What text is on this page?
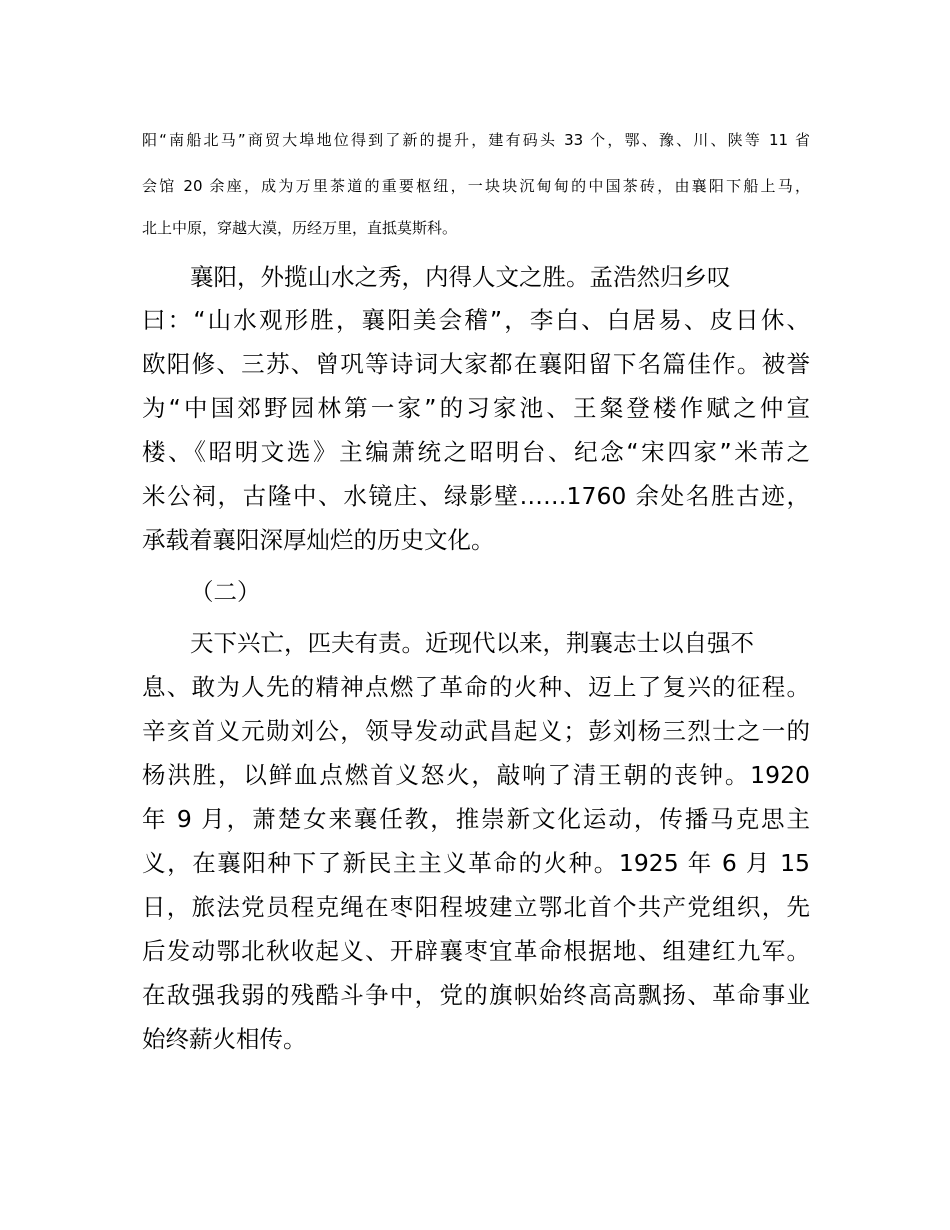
阳“南船北马”商贸大埠地位得到了新的提升，建有码头 33 个，鄂、豫、川、陕等 11 省

会馆 20 余座，成为万里茶道的重要枢纽，一块块沉甸甸的中国茶砖，由襄阳下船上马，

北上中原，穿越大漠，历经万里，直抵莫斯科。

襄阳，外揽山水之秀，内得人文之胜。孟浩然归乡叹

曰：“山水观形胜，襄阳美会稽”，李白、白居易、皮日休、

欧阳修、三苏、曾巩等诗词大家都在襄阳留下名篇佳作。被誉

为“中国郊野园林第一家”的习家池、王粲登楼作赋之仲宣

楼、《昭明文选》主编萧统之昭明台、纪念“宋四家”米芾之

米公祠，古隆中、水镜庄、绿影壁……1760 余处名胜古迹，

承载着襄阳深厚灿烂的历史文化。

（二）

天下兴亡，匹夫有责。近现代以来，荆襄志士以自强不

息、敢为人先的精神点燃了革命的火种、迈上了复兴的征程。

辛亥首义元勋刘公，领导发动武昌起义；彭刘杨三烈士之一的

杨洪胜，以鲜血点燃首义怒火，敲响了清王朝的丧钟。1920

年 9 月，萧楚女来襄任教，推崇新文化运动，传播马克思主

义，在襄阳种下了新民主主义革命的火种。1925 年 6 月 15

日，旅法党员程克绳在枣阳程坡建立鄂北首个共产党组织，先

后发动鄂北秋收起义、开辟襄枣宜革命根据地、组建红九军。

在敌强我弱的残酷斗争中，党的旗帜始终高高飘扬、革命事业

始终薪火相传。
